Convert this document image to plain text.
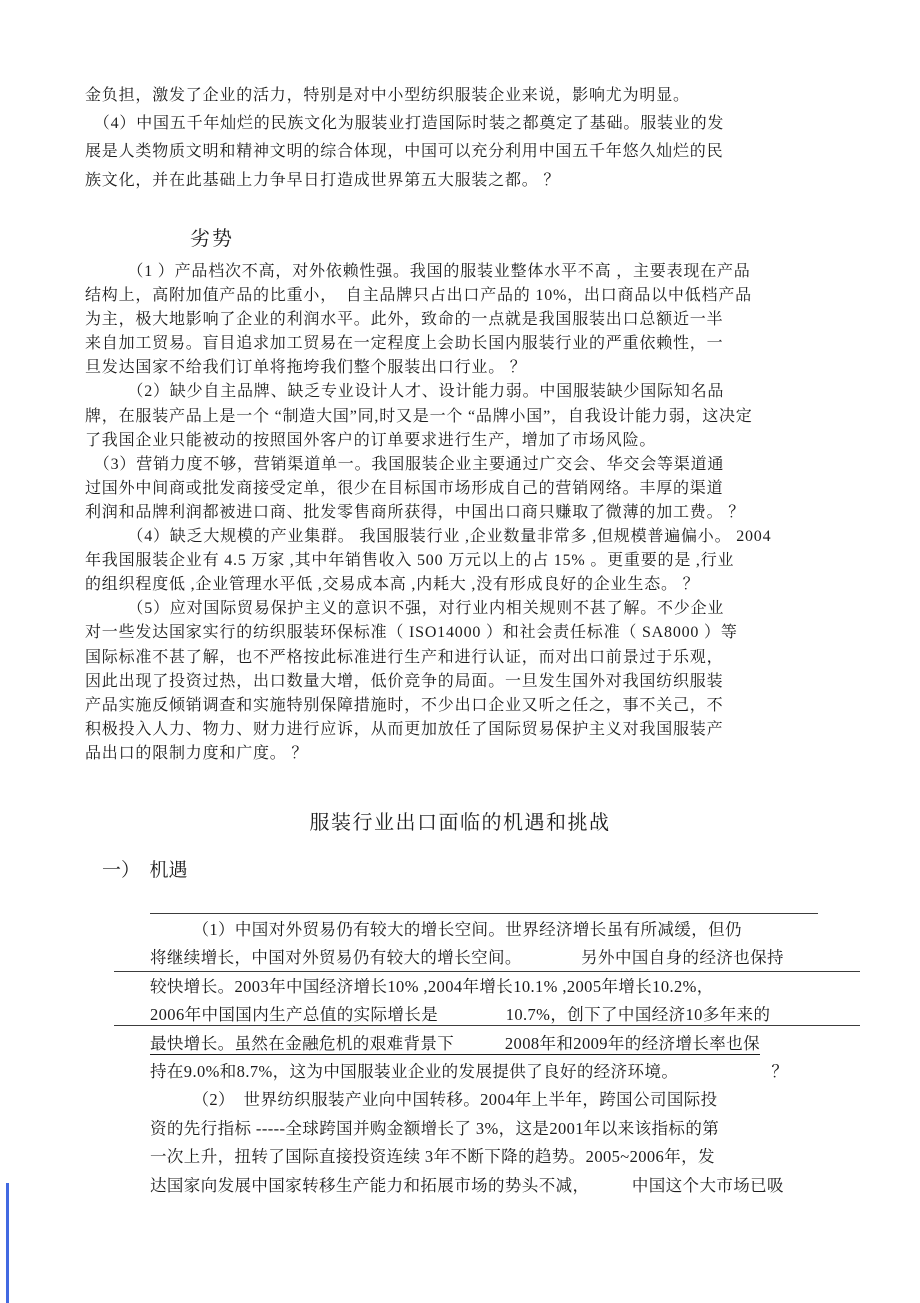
金负担，激发了企业的活力，特别是对中小型纺织服装企业来说，影响尤为明显。
　（4）中国五千年灿烂的民族文化为服装业打造国际时装之都奠定了基础。服装业的发
展是人类物质文明和精神文明的综合体现，中国可以充分利用中国五千年悠久灿烂的民
族文化，并在此基础上力争早日打造成世界第五大服装之都。 ？
劣势
　　　（1 ）产品档次不高，对外依赖性强。我国的服装业整体水平不高 ，主要表现在产品
结构上，高附加值产品的比重小，　自主品牌只占出口产品的 10%，出口商品以中低档产品
为主，极大地影响了企业的利润水平。此外，致命的一点就是我国服装出口总额近一半
来自加工贸易。盲目追求加工贸易在一定程度上会助长国内服装行业的严重依赖性，一
旦发达国家不给我们订单将拖垮我们整个服装出口行业。 ？
　　　（2）缺少自主品牌、缺乏专业设计人才、设计能力弱。中国服装缺少国际知名品
牌，在服装产品上是一个 “制造大国”同,时又是一个 “品牌小国”，自我设计能力弱，这决定
了我国企业只能被动的按照国外客户的订单要求进行生产，增加了市场风险。
　（3）营销力度不够，营销渠道单一。我国服装企业主要通过广交会、华交会等渠道通
过国外中间商或批发商接受定单，很少在目标国市场形成自己的营销网络。丰厚的渠道
利润和品牌利润都被进口商、批发零售商所获得，中国出口商只赚取了微薄的加工费。 ？
　　　（4）缺乏大规模的产业集群。 我国服装行业 ,企业数量非常多 ,但规模普遍偏小。 2004
年我国服装企业有 4.5 万家 ,其中年销售收入 500 万元以上的占 15% 。更重要的是 ,行业
的组织程度低 ,企业管理水平低 ,交易成本高 ,内耗大 ,没有形成良好的企业生态。 ？
　　　（5）应对国际贸易保护主义的意识不强，对行业内相关规则不甚了解。不少企业
对一些发达国家实行的纺织服装环保标准（ ISO14000 ）和社会责任标准（ SA8000 ）等
国际标准不甚了解，也不严格按此标准进行生产和进行认证，而对出口前景过于乐观，
因此出现了投资过热，出口数量大增，低价竞争的局面。一旦发生国外对我国纺织服装
产品实施反倾销调查和实施特别保障措施时，不少出口企业又听之任之，事不关己，不
积极投入人力、物力、财力进行应诉，从而更加放任了国际贸易保护主义对我国服装产
品出口的限制力度和广度。 ？
服装行业出口面临的机遇和挑战
一）  机遇
　　　（1）中国对外贸易仍有较大的增长空间。世界经济增长虽有所减缓，但仍
将继续增长，中国对外贸易仍有较大的增长空间。　　　　另外中国自身的经济也保持
较快增长。2003年中国经济增长10% ,2004年增长10.1% ,2005年增长10.2%，
2006年中国国内生产总值的实际增长是　　　　10.7%，创下了中国经济10多年来的
最快增长。虽然在金融危机的艰难背景下　　　2008年和2009年的经济增长率也保
持在9.0%和8.7%，这为中国服装业企业的发展提供了良好的经济环境。　　　　　　？
　　　（2）　世界纺织服装产业向中国转移。2004年上半年，跨国公司国际投
资的先行指标 -----全球跨国并购金额增长了 3%，这是2001年以来该指标的第
一次上升，扭转了国际直接投资连续 3年不断下降的趋势。2005~2006年，发
达国家向发展中国家转移生产能力和拓展市场的势头不减，　　　中国这个大市场已吸
